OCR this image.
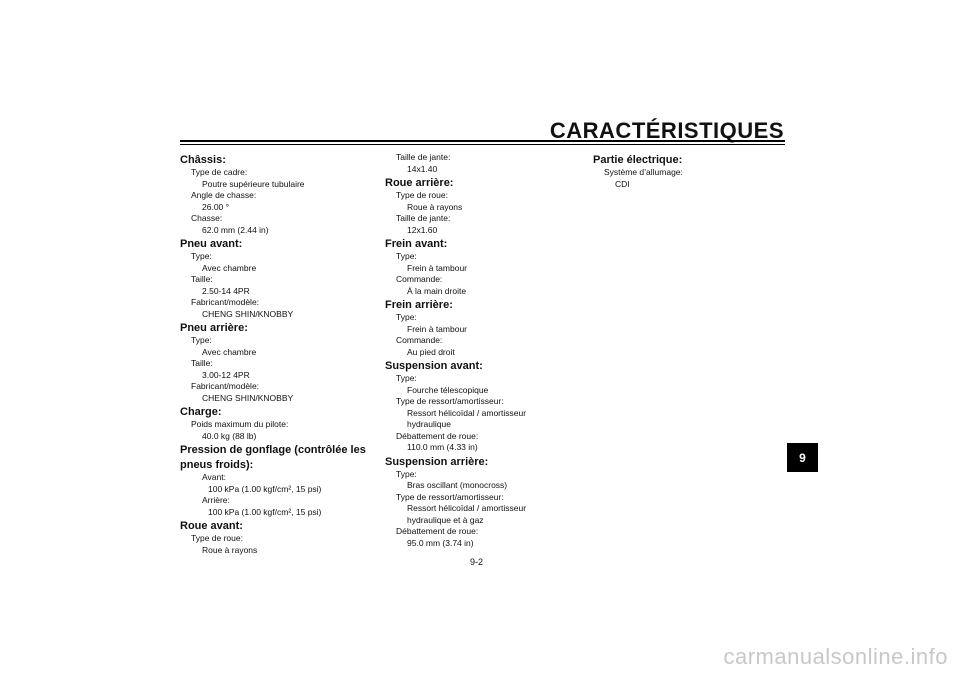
CARACTÉRISTIQUES
Châssis:
Type de cadre:
Poutre supérieure tubulaire
Angle de chasse:
26.00 °
Chasse:
62.0 mm (2.44 in)
Pneu avant:
Type:
Avec chambre
Taille:
2.50-14 4PR
Fabricant/modèle:
CHENG SHIN/KNOBBY
Pneu arrière:
Type:
Avec chambre
Taille:
3.00-12 4PR
Fabricant/modèle:
CHENG SHIN/KNOBBY
Charge:
Poids maximum du pilote:
40.0 kg (88 lb)
Pression de gonflage (contrôlée les
pneus froids):
Avant:
100 kPa (1.00 kgf/cm², 15 psi)
Arrière:
100 kPa (1.00 kgf/cm², 15 psi)
Roue avant:
Type de roue:
Roue à rayons
Taille de jante:
14x1.40
Roue arrière:
Type de roue:
Roue à rayons
Taille de jante:
12x1.60
Frein avant:
Type:
Frein à tambour
Commande:
À la main droite
Frein arrière:
Type:
Frein à tambour
Commande:
Au pied droit
Suspension avant:
Type:
Fourche télescopique
Type de ressort/amortisseur:
Ressort hélicoïdal / amortisseur
hydraulique
Débattement de roue:
110.0 mm (4.33 in)
Suspension arrière:
Type:
Bras oscillant (monocross)
Type de ressort/amortisseur:
Ressort hélicoïdal / amortisseur
hydraulique et à gaz
Débattement de roue:
95.0 mm (3.74 in)
Partie électrique:
Système d’allumage:
CDI
9
9-2
carmanualsonline.info
